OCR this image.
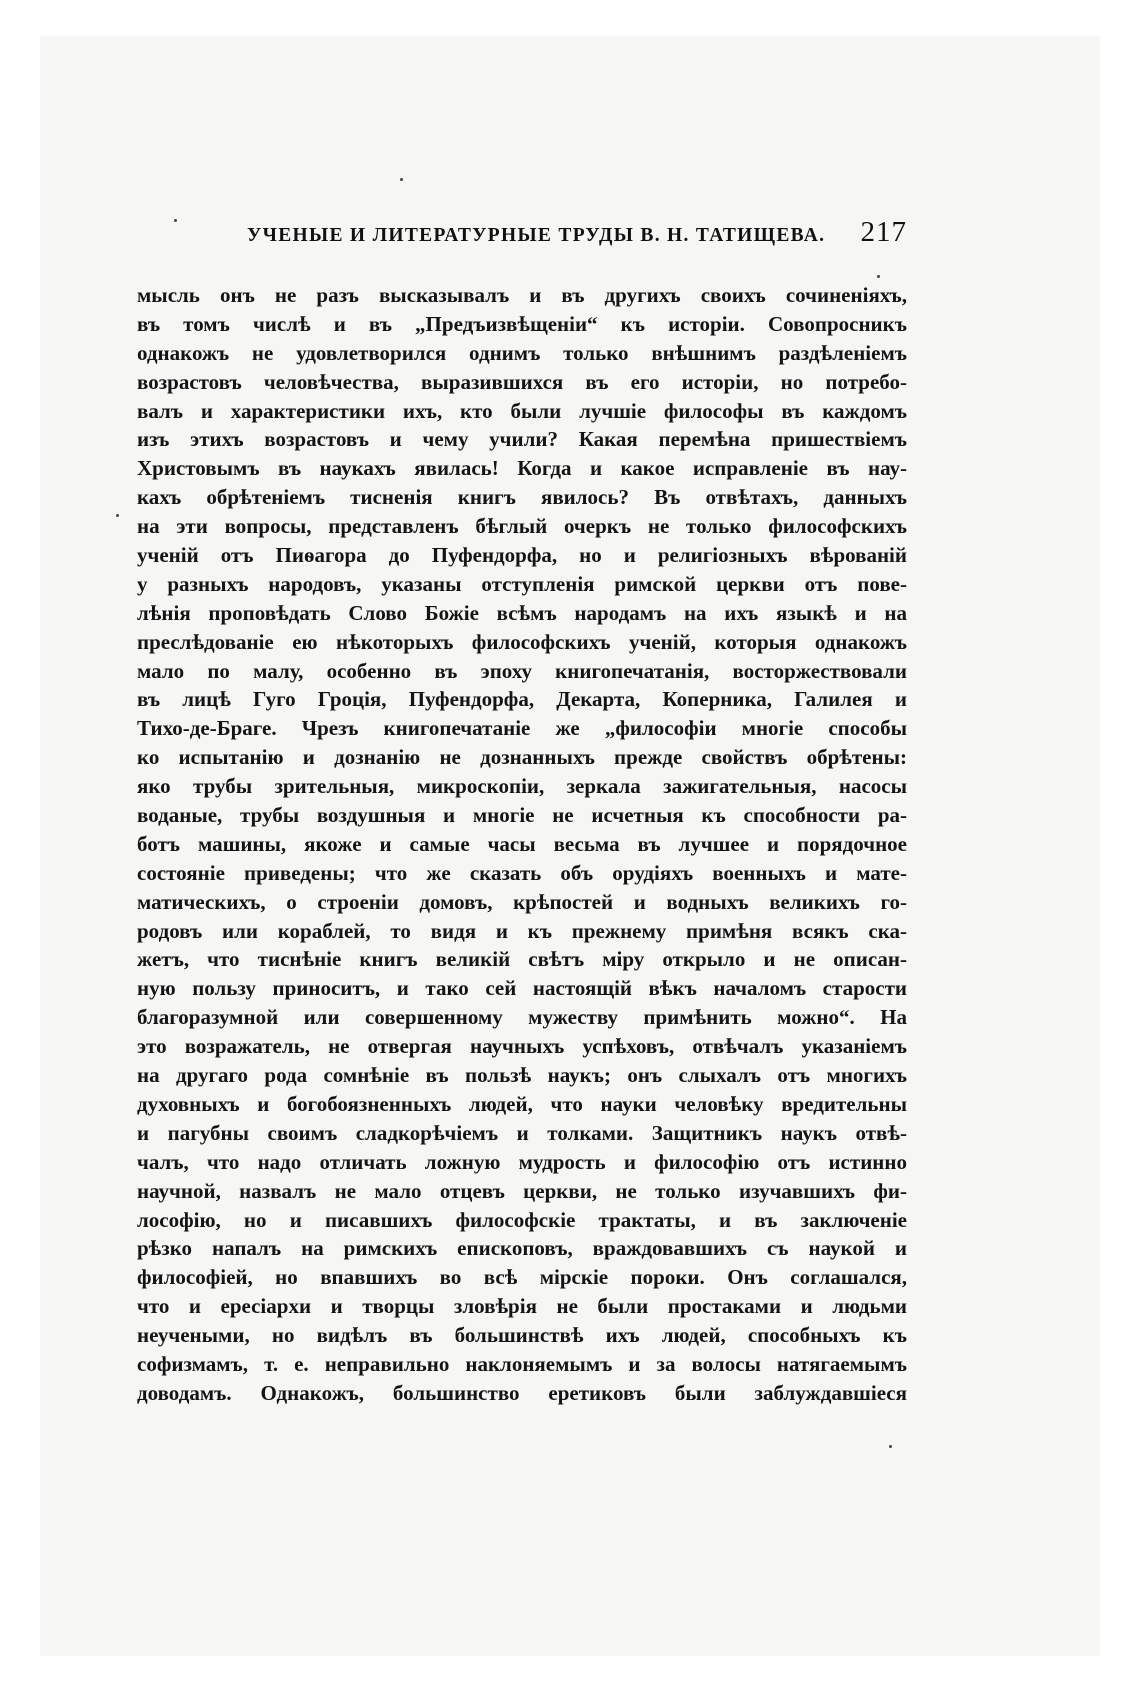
УЧЕНЫЕ И ЛИТЕРАТУРНЫЕ ТРУДЫ В. Н. ТАТИЩЕВА. 217
мысль онъ не разъ высказывалъ и въ другихъ своихъ сочиненіяхъ,
въ томъ числѣ и въ „Предъизвѣщеніи“ къ исторіи. Совопросникъ
однакожъ не удовлетворился однимъ только внѣшнимъ раздѣленіемъ
возрастовъ человѣчества, выразившихся въ его исторіи, но потребо-
валъ и характеристики ихъ, кто были лучшіе философы въ каждомъ
изъ этихъ возрастовъ и чему учили? Какая перемѣна пришествіемъ
Христовымъ въ наукахъ явилась! Когда и какое исправленіе въ нау-
кахъ обрѣтеніемъ тисненія книгъ явилось? Въ отвѣтахъ, данныхъ
на эти вопросы, представленъ бѣглый очеркъ не только философскихъ
ученій отъ Пиѳагора до Пуфендорфа, но и религіозныхъ вѣрованій
у разныхъ народовъ, указаны отступленія римской церкви отъ пове-
лѣнія проповѣдать Слово Божіе всѣмъ народамъ на ихъ языкѣ и на
преслѣдованіе ею нѣкоторыхъ философскихъ ученій, которыя однакожъ
мало по малу, особенно въ эпоху книгопечатанія, восторжествовали
въ лицѣ Гуго Гроція, Пуфендорфа, Декарта, Коперника, Галилея и
Тихо-де-Браге. Чрезъ книгопечатаніе же „философіи многіе способы
ко испытанію и дознанію не дознанныхъ прежде свойствъ обрѣтены:
яко трубы зрительныя, микроскопіи, зеркала зажигательныя, насосы
воданые, трубы воздушныя и многіе не исчетныя къ способности ра-
ботъ машины, якоже и самые часы весьма въ лучшее и порядочное
состояніе приведены; что же сказать объ орудіяхъ военныхъ и мате-
матическихъ, о строеніи домовъ, крѣпостей и водныхъ великихъ го-
родовъ или кораблей, то видя и къ прежнему примѣня всякъ ска-
жетъ, что тиснѣніе книгъ великій свѣтъ міру открыло и не описан-
ную пользу приноситъ, и тако сей настоящій вѣкъ началомъ старости
благоразумной или совершенному мужеству примѣнить можно“. На
это возражатель, не отвергая научныхъ успѣховъ, отвѣчалъ указаніемъ
на другаго рода сомнѣніе въ пользѣ наукъ; онъ слыхалъ отъ многихъ
духовныхъ и богобоязненныхъ людей, что науки человѣку вредительны
и пагубны своимъ сладкорѣчіемъ и толками. Защитникъ наукъ отвѣ-
чалъ, что надо отличать ложную мудрость и философію отъ истинно
научной, назвалъ не мало отцевъ церкви, не только изучавшихъ фи-
лософію, но и писавшихъ философскіе трактаты, и въ заключеніе
рѣзко напалъ на римскихъ епископовъ, враждовавшихъ съ наукой и
философіей, но впавшихъ во всѣ мірскіе пороки. Онъ соглашался,
что и ересіархи и творцы зловѣрія не были простаками и людьми
неучеными, но видѣлъ въ большинствѣ ихъ людей, способныхъ къ
софизмамъ, т. е. неправильно наклоняемымъ и за волосы натягаемымъ
доводамъ. Однакожъ, большинство еретиковъ были заблуждавшіеся
